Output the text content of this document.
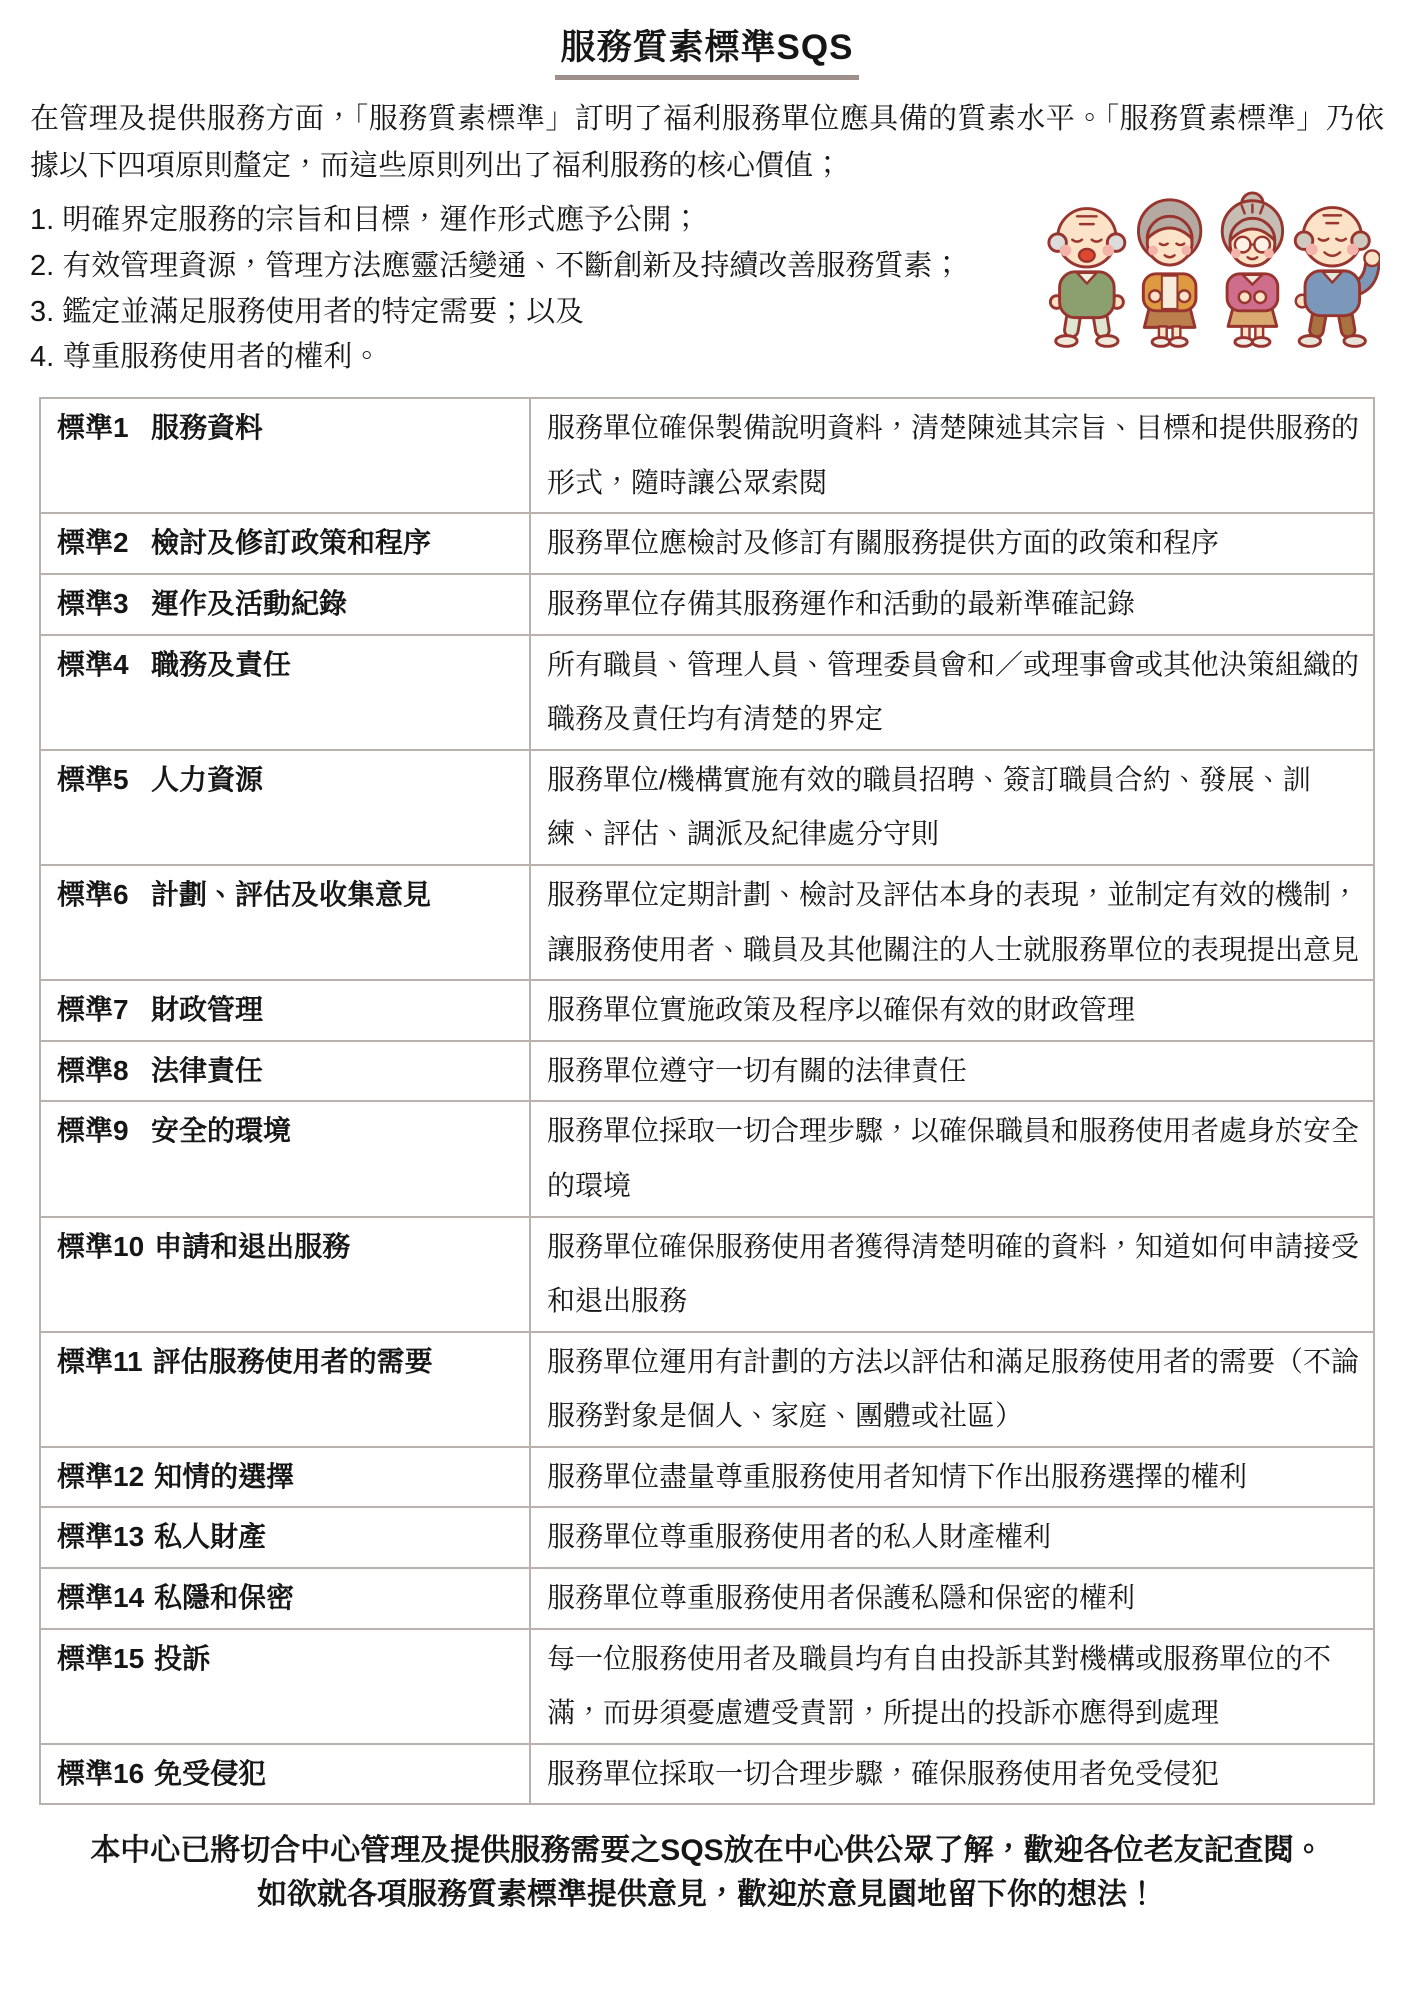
服務質素標準SQS
在管理及提供服務方面，「服務質素標準」訂明了福利服務單位應具備的質素水平。「服務質素標準」乃依據以下四項原則釐定，而這些原則列出了福利服務的核心價值；
1. 明確界定服務的宗旨和目標，運作形式應予公開；
2. 有效管理資源，管理方法應靈活變通、不斷創新及持續改善服務質素；
3. 鑑定並滿足服務使用者的特定需要；以及
4. 尊重服務使用者的權利。
標準1 服務資料	服務單位確保製備說明資料，清楚陳述其宗旨、目標和提供服務的形式，隨時讓公眾索閱
標準2 檢討及修訂政策和程序	服務單位應檢討及修訂有關服務提供方面的政策和程序
標準3 運作及活動紀錄	服務單位存備其服務運作和活動的最新準確記錄
標準4 職務及責任	所有職員、管理人員、管理委員會和／或理事會或其他決策組織的職務及責任均有清楚的界定
標準5 人力資源	服務單位/機構實施有效的職員招聘、簽訂職員合約、發展、訓練、評估、調派及紀律處分守則
標準6 計劃、評估及收集意見	服務單位定期計劃、檢討及評估本身的表現，並制定有效的機制，讓服務使用者、職員及其他關注的人士就服務單位的表現提出意見
標準7 財政管理	服務單位實施政策及程序以確保有效的財政管理
標準8 法律責任	服務單位遵守一切有關的法律責任
標準9 安全的環境	服務單位採取一切合理步驟，以確保職員和服務使用者處身於安全的環境
標準10 申請和退出服務	服務單位確保服務使用者獲得清楚明確的資料，知道如何申請接受和退出服務
標準11 評估服務使用者的需要	服務單位運用有計劃的方法以評估和滿足服務使用者的需要（不論服務對象是個人、家庭、團體或社區）
標準12 知情的選擇	服務單位盡量尊重服務使用者知情下作出服務選擇的權利
標準13 私人財產	服務單位尊重服務使用者的私人財產權利
標準14 私隱和保密	服務單位尊重服務使用者保護私隱和保密的權利
標準15 投訴	每一位服務使用者及職員均有自由投訴其對機構或服務單位的不滿，而毋須憂慮遭受責罰，所提出的投訴亦應得到處理
標準16 免受侵犯	服務單位採取一切合理步驟，確保服務使用者免受侵犯
本中心已將切合中心管理及提供服務需要之SQS放在中心供公眾了解，歡迎各位老友記查閱。
如欲就各項服務質素標準提供意見，歡迎於意見園地留下你的想法！
